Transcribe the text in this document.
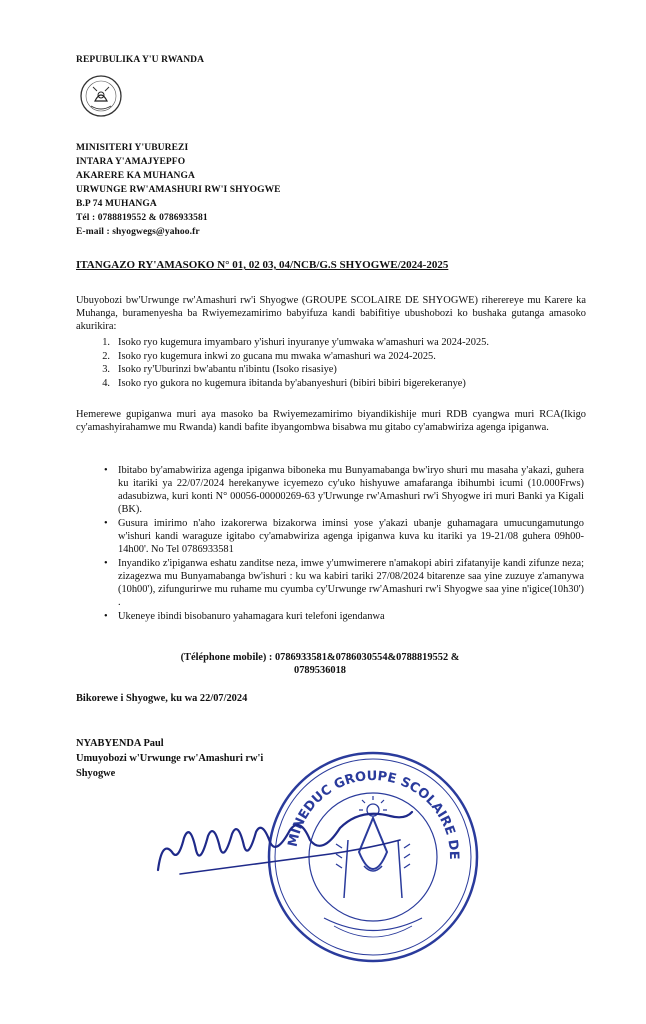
REPUBULIKA Y'U RWANDA
MINISITERI Y'UBUREZI
INTARA Y'AMAJYEPFO
AKARERE KA MUHANGA
URWUNGE RW'AMASHURI RW'I SHYOGWE
B.P 74 MUHANGA
Tél : 0788819552 & 0786933581
E-mail : shyogwegs@yahoo.fr
ITANGAZO RY'AMASOKO N° 01, 02 03, 04/NCB/G.S SHYOGWE/2024-2025
Ubuyobozi bw'Urwunge rw'Amashuri rw'i Shyogwe (GROUPE SCOLAIRE DE SHYOGWE) riherereye mu Karere ka Muhanga, buramenyesha ba Rwiyemezamirimo babyifuza kandi babifitiye ubushobozi ko bushaka gutanga amasoko akurikira:
1. Isoko ryo kugemura imyambaro y'ishuri inyuranye y'umwaka w'amashuri wa 2024-2025.
2. Isoko ryo kugemura inkwi zo gucana mu mwaka w'amashuri wa 2024-2025.
3. Isoko ry'Uburinzi bw'abantu n'ibintu (Isoko risasiye)
4. Isoko ryo gukora no kugemura ibitanda by'abanyeshuri (bibiri bibiri bigerekeranye)
Hemerewe gupiganwa muri aya masoko ba Rwiyemezamirimo biyandikishije muri RDB cyangwa muri RCA(Ikigo cy'amashyirahamwe mu Rwanda) kandi bafite ibyangombwa bisabwa mu gitabo cy'amabwiriza agenga ipiganwa.
• Ibitabo by'amabwiriza agenga ipiganwa biboneka mu Bunyamabanga bw'iryo shuri mu masaha y'akazi, guhera ku itariki ya 22/07/2024 herekanywe icyemezo cy'uko hishyuwe amafaranga ibihumbi icumi (10.000Frws) adasubizwa, kuri konti N° 00056-00000269-63 y'Urwunge rw'Amashuri rw'i Shyogwe iri muri Banki ya Kigali (BK).
• Gusura imirimo n'aho izakorerwa bizakorwa iminsi yose y'akazi ubanje guhamagara umucungamutungo w'ishuri kandi waraguze igitabo cy'amabwiriza agenga ipiganwa kuva ku itariki ya 19-21/08 guhera 09h00-14h00'. No Tel 0786933581
• Inyandiko z'ipiganwa eshatu zanditse neza, imwe y'umwimerere n'amakopi abiri zifatanyije kandi zifunze neza; zizagezwa mu Bunyamabanga bw'ishuri : ku wa kabiri tariki 27/08/2024 bitarenze saa yine zuzuye z'amanywa (10h00'), zifungurirwe mu ruhame mu cyumba cy'Urwunge rw'Amashuri rw'i Shyogwe saa yine n'igice(10h30') .
• Ukeneye ibindi bisobanuro yahamagara kuri telefoni igendanwa
(Téléphone mobile) : 0786933581&0786030554&0788819552 & 0789536018
Bikorewe i Shyogwe, ku wa 22/07/2024
NYABYENDA Paul
Umuyobozi w'Urwunge rw'Amashuri rw'i
Shyogwe
MINEDUC GROUPE SCOLAIRE DE
